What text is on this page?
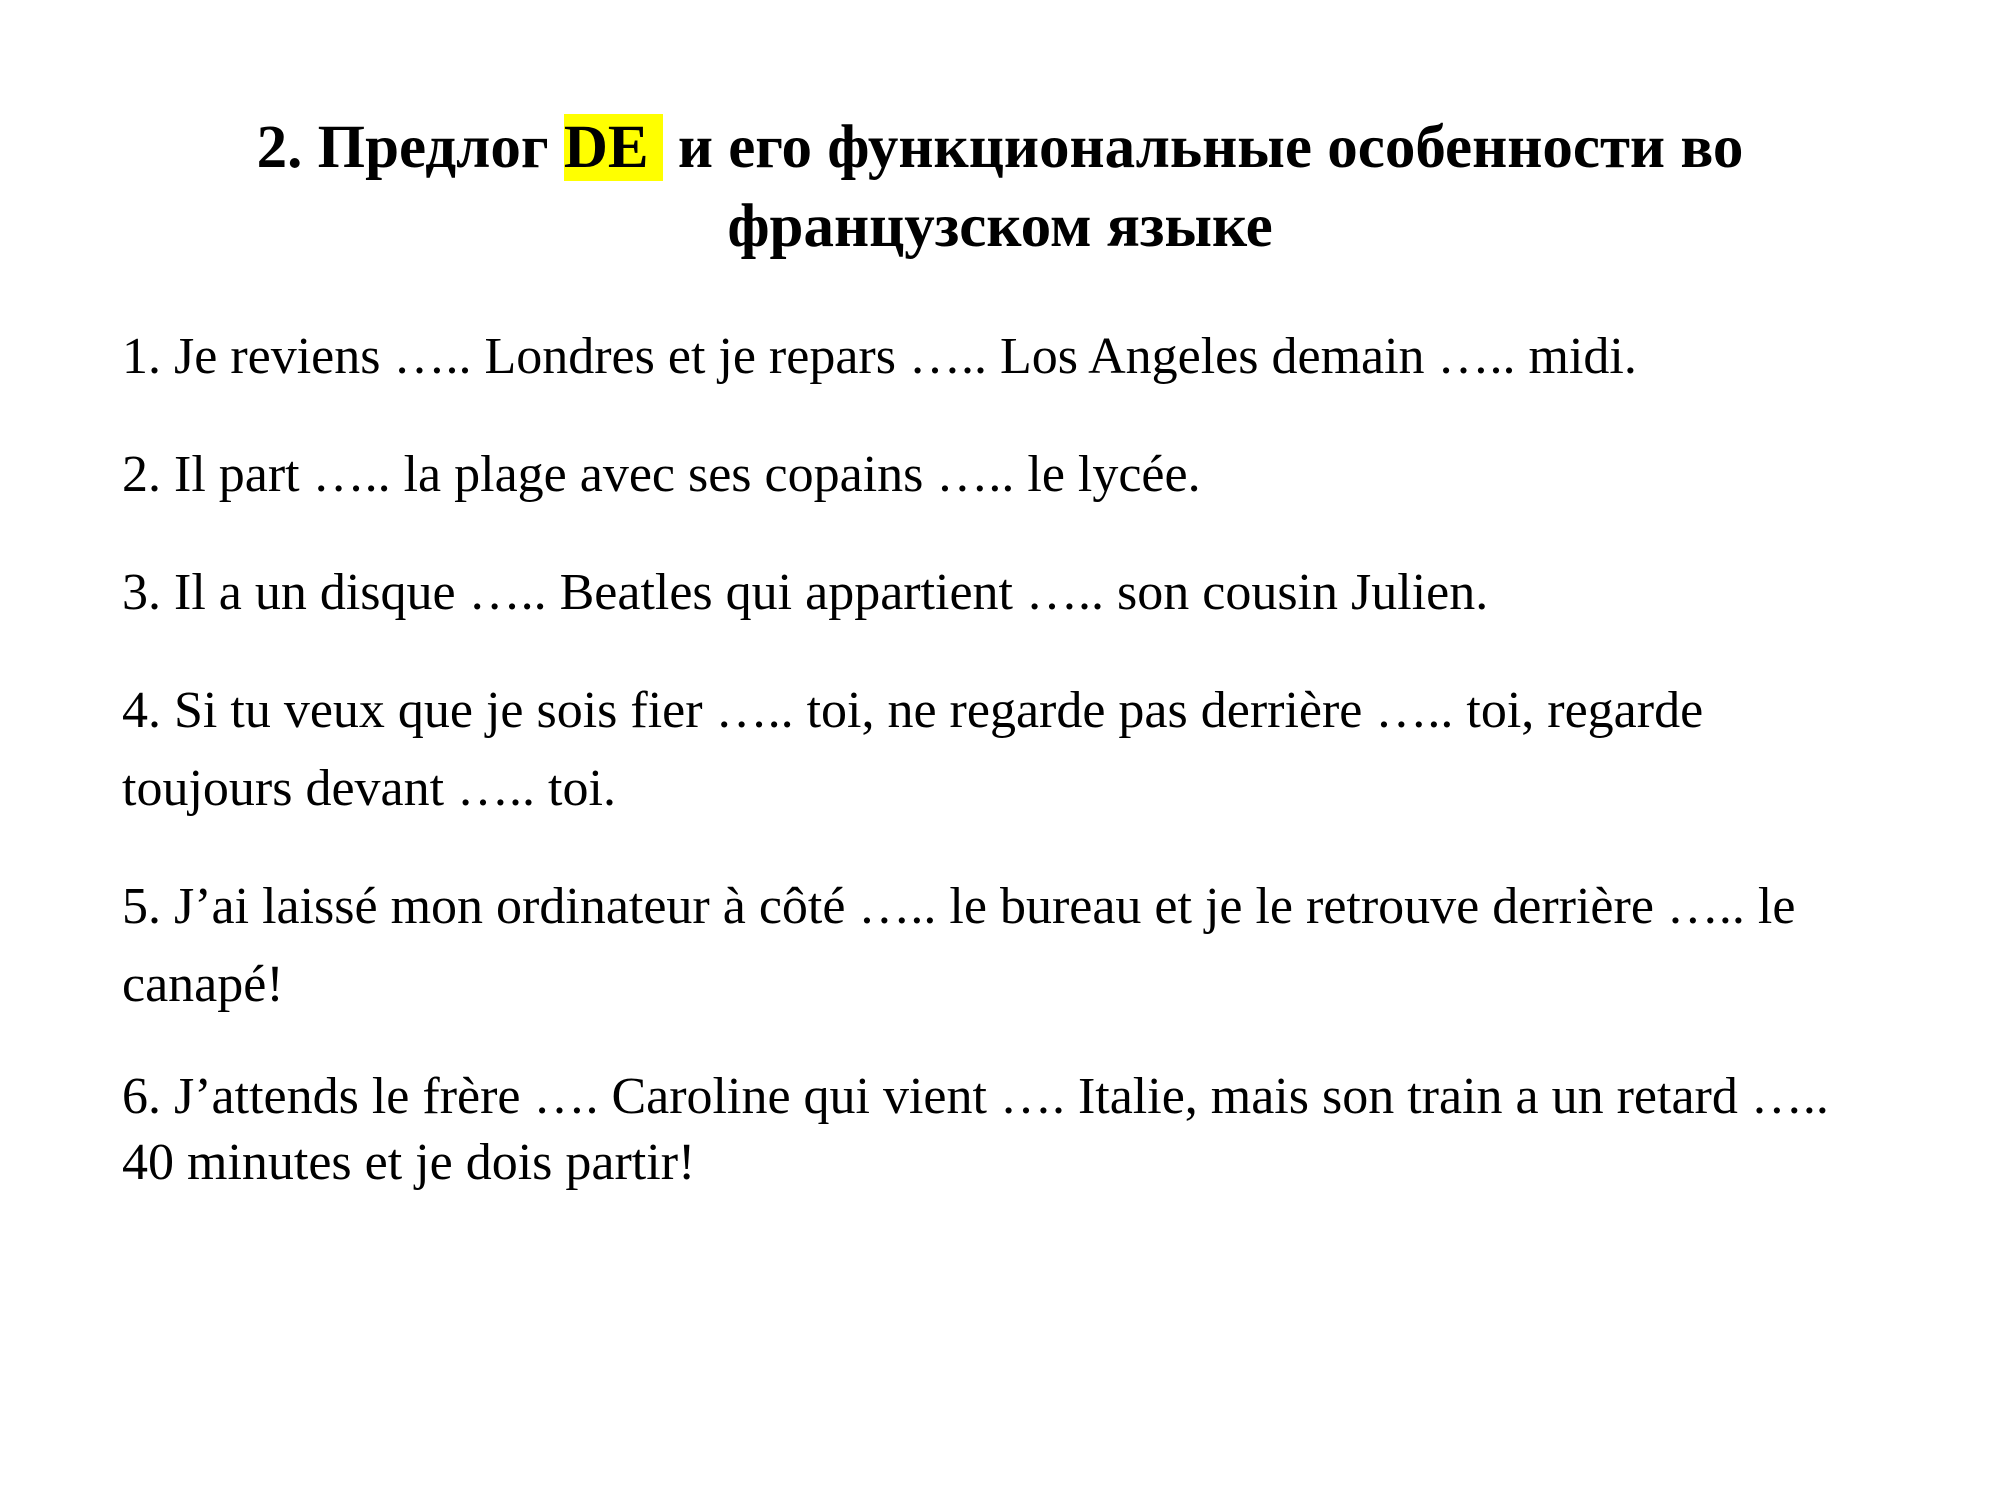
2. Предлог DE и его функциональные особенности во французском языке

1. Je reviens ….. Londres et je repars ….. Los Angeles demain ….. midi.

2. Il part ….. la plage avec ses copains ….. le lycée.

3. Il a un disque ….. Beatles qui appartient ….. son cousin Julien.

4. Si tu veux que je sois fier ….. toi, ne regarde pas derrière ….. toi, regarde toujours devant ….. toi.

5. J’ai laissé mon ordinateur à côté ….. le bureau et je le retrouve derrière ….. le canapé!

6. J’attends le frère …. Caroline qui vient …. Italie, mais son train a un retard ….. 40 minutes et je dois partir!
